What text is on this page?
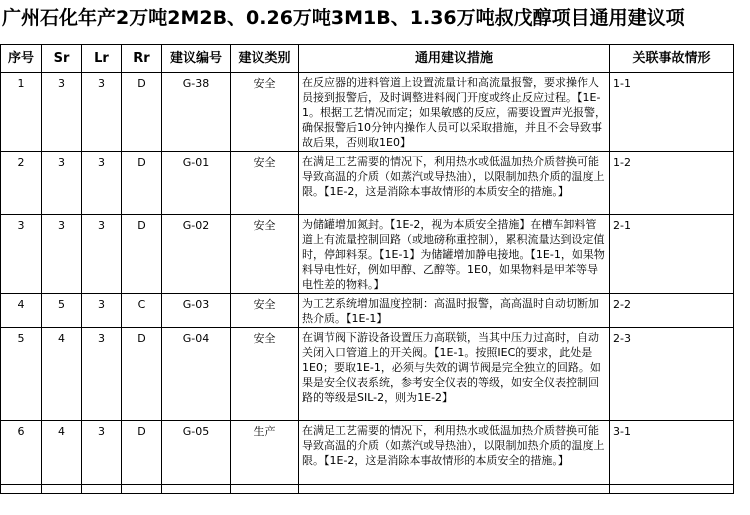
广州石化年产2万吨2M2B、0.26万吨3M1B、1.36万吨叔戊醇项目通用建议项
序号	Sr	Lr	Rr	建议编号	建议类别	通用建议措施	关联事故情形
1	3	3	D	G-38	安全	在反应器的进料管道上设置流量计和高流量报警，要求操作人员接到报警后，及时调整进料阀门开度或终止反应过程。【1E-1。根据工艺情况而定；如果敏感的反应，需要设置声光报警，确保报警后10分钟内操作人员可以采取措施，并且不会导致事故后果，否则取1E0】	1-1
2	3	3	D	G-01	安全	在满足工艺需要的情况下，利用热水或低温加热介质替换可能导致高温的介质（如蒸汽或导热油），以限制加热介质的温度上限。【1E-2，这是消除本事故情形的本质安全的措施。】	1-2
3	3	3	D	G-02	安全	为储罐增加氮封。【1E-2，视为本质安全措施】在槽车卸料管道上有流量控制回路（或地磅称重控制），累积流量达到设定值时，停卸料泵。【1E-1】为储罐增加静电接地。【1E-1，如果物料导电性好，例如甲醇、乙醇等。1E0，如果物料是甲苯等导电性差的物料。】	2-1
4	5	3	C	G-03	安全	为工艺系统增加温度控制：高温时报警，高高温时自动切断加热介质。【1E-1】	2-2
5	4	3	D	G-04	安全	在调节阀下游设备设置压力高联锁，当其中压力过高时，自动关闭入口管道上的开关阀。【1E-1。按照IEC的要求，此处是1E0；要取1E-1，必须与失效的调节阀是完全独立的回路。如果是安全仪表系统，参考安全仪表的等级，如安全仪表控制回路的等级是SIL-2，则为1E-2】	2-3
6	4	3	D	G-05	生产	在满足工艺需要的情况下，利用热水或低温加热介质替换可能导致高温的介质（如蒸汽或导热油），以限制加热介质的温度上限。【1E-2，这是消除本事故情形的本质安全的措施。】	3-1
